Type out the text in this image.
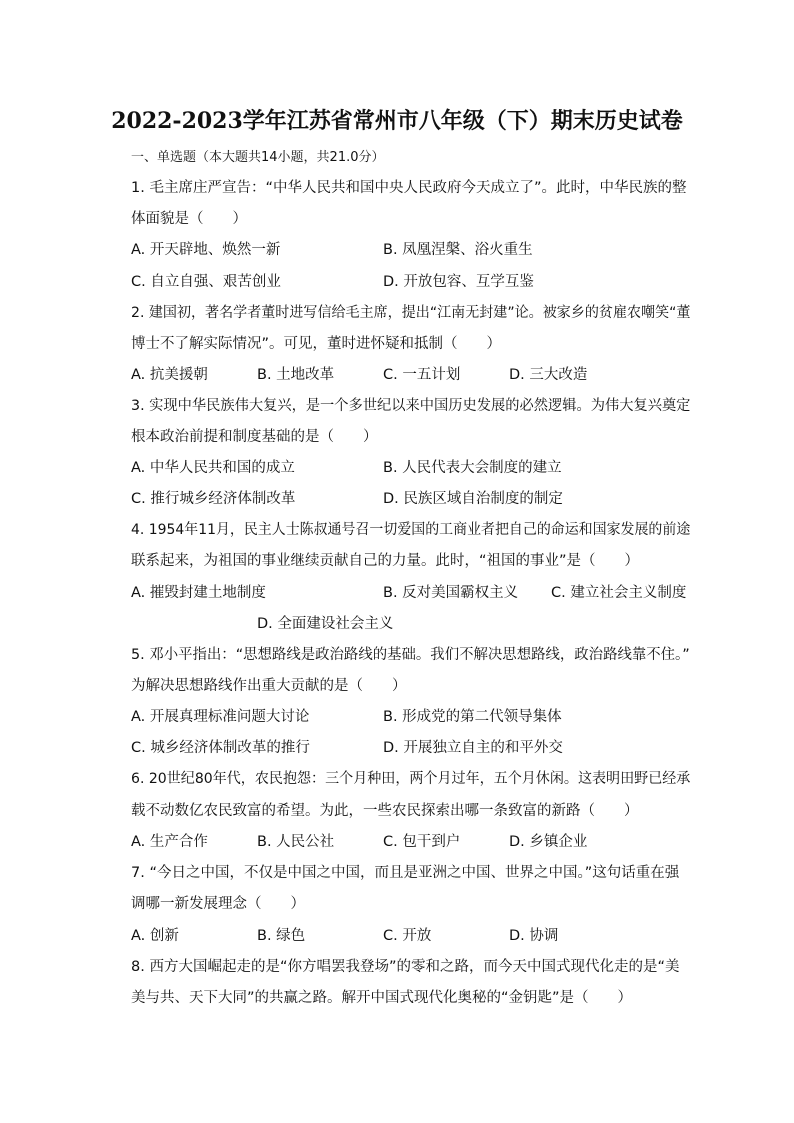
2022-2023学年江苏省常州市八年级（下）期末历史试卷
一、单选题（本大题共14小题，共21.0分）
1. 毛主席庄严宣告：“中华人民共和国中央人民政府今天成立了”。此时，中华民族的整
体面貌是（　　）
A. 开天辟地、焕然一新	B. 凤凰涅槃、浴火重生
C. 自立自强、艰苦创业	D. 开放包容、互学互鉴
2. 建国初，著名学者董时进写信给毛主席，提出“江南无封建”论。被家乡的贫雇农嘲笑“董
博士不了解实际情况”。可见，董时进怀疑和抵制（　　）
A. 抗美援朝	B. 土地改革	C. 一五计划	D. 三大改造
3. 实现中华民族伟大复兴，是一个多世纪以来中国历史发展的必然逻辑。为伟大复兴奠定
根本政治前提和制度基础的是（　　）
A. 中华人民共和国的成立	B. 人民代表大会制度的建立
C. 推行城乡经济体制改革	D. 民族区域自治制度的制定
4. 1954年11月，民主人士陈叔通号召一切爱国的工商业者把自己的命运和国家发展的前途
联系起来，为祖国的事业继续贡献自己的力量。此时，“祖国的事业”是（　　）
A. 摧毁封建土地制度	B. 反对美国霸权主义 C. 建立社会主义制度
D. 全面建设社会主义
5. 邓小平指出：“思想路线是政治路线的基础。我们不解决思想路线，政治路线靠不住。”
为解决思想路线作出重大贡献的是（　　）
A. 开展真理标准问题大讨论	B. 形成党的第二代领导集体
C. 城乡经济体制改革的推行	D. 开展独立自主的和平外交
6. 20世纪80年代，农民抱怨：三个月种田，两个月过年，五个月休闲。这表明田野已经承
载不动数亿农民致富的希望。为此，一些农民探索出哪一条致富的新路（　　）
A. 生产合作	B. 人民公社	C. 包干到户	D. 乡镇企业
7. “今日之中国，不仅是中国之中国，而且是亚洲之中国、世界之中国。”这句话重在强
调哪一新发展理念（　　）
A. 创新	B. 绿色	C. 开放	D. 协调
8. 西方大国崛起走的是“你方唱罢我登场”的零和之路，而今天中国式现代化走的是“美
美与共、天下大同”的共赢之路。解开中国式现代化奥秘的“金钥匙”是（　　）
